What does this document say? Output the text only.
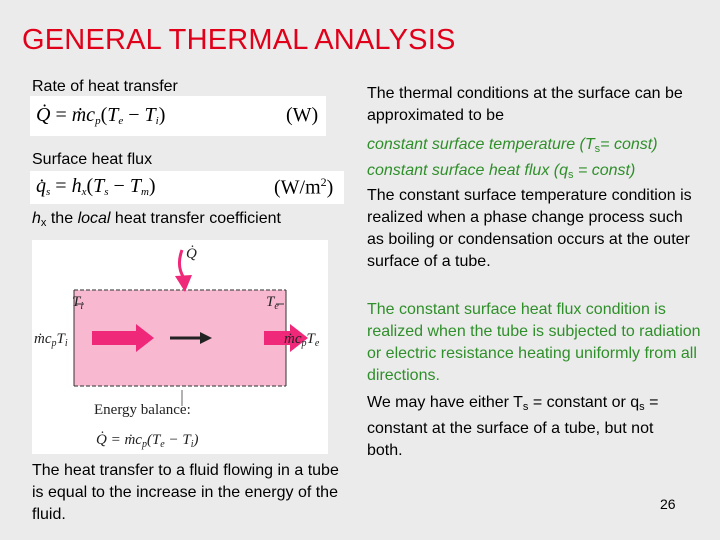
GENERAL THERMAL ANALYSIS
Rate of heat transfer
Q̇ = $ṁc_p(T_e - T_i)$	(W)
Surface heat flux
$q̇_s = h_x(T_s - T_m)$	$(W/m^2)$
$h_x$ the local heat transfer coefficient
Q̇
$T_i$	$T_e$
$ṁc_pT_i$	$ṁc_pT_e$
Q̇ = $ṁc_p(T_e - T_i)$
Energy balance:
The heat transfer to a fluid flowing in a tube is equal to the increase in the energy of the fluid.
The thermal conditions at the surface can be approximated to be
constant surface temperature ($T_s=$ const)
constant surface heat flux ($q_s$ = const)
The constant surface temperature condition is realized when a phase change process such as boiling or condensation occurs at the outer surface of a tube.
The constant surface heat flux condition is realized when the tube is subjected to radiation or electric resistance heating uniformly from all directions.
We may have either $T_s$ = constant or $q_s$ = constant at the surface of a tube, but not both.
26
